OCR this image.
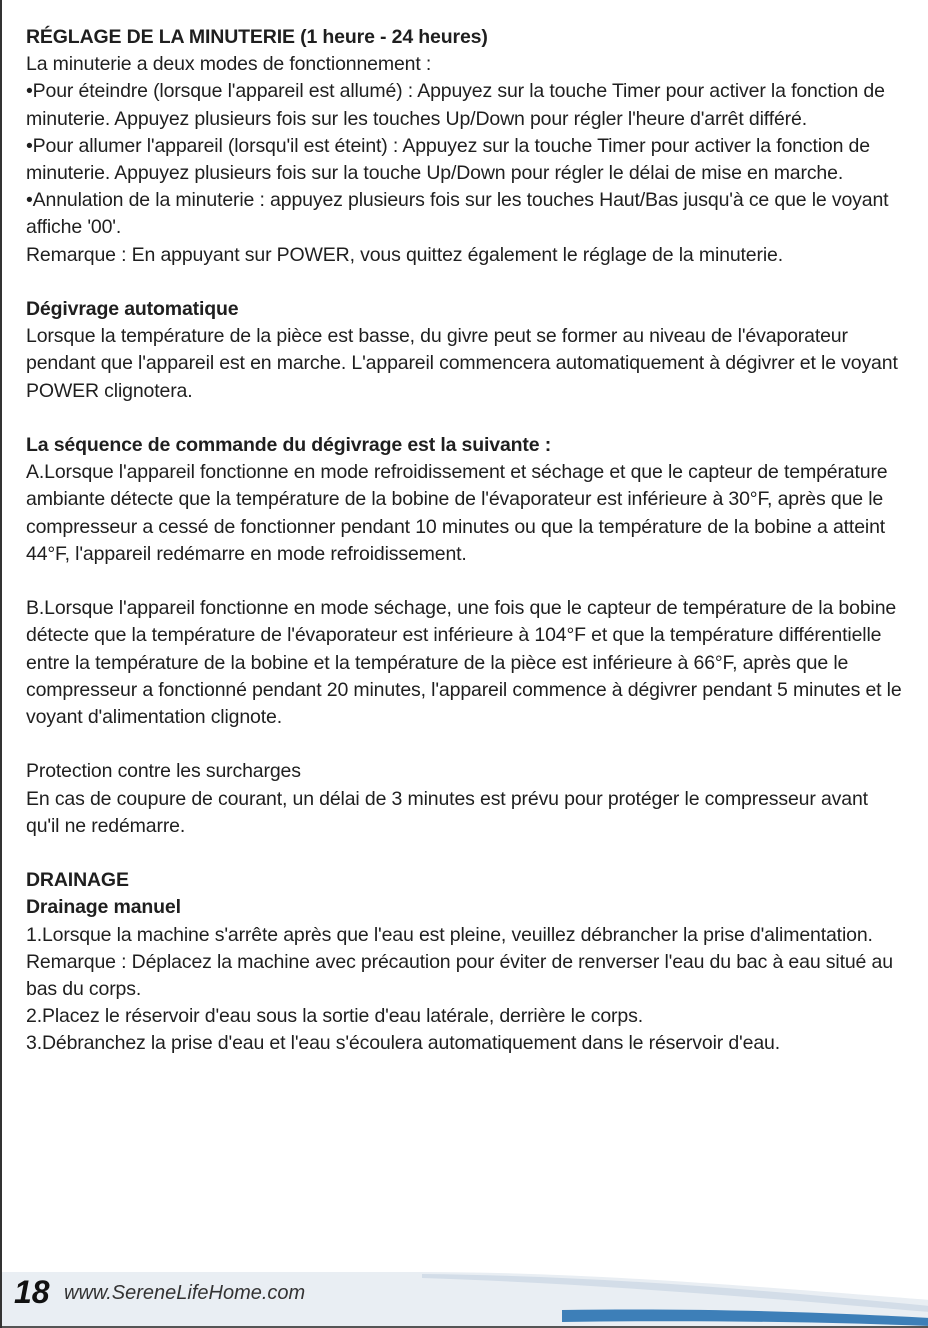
RÉGLAGE DE LA MINUTERIE (1 heure - 24 heures)

La minuterie a deux modes de fonctionnement :

•Pour éteindre (lorsque l'appareil est allumé) : Appuyez sur la touche Timer pour activer la fonction de minuterie. Appuyez plusieurs fois sur les touches Up/Down pour régler l'heure d'arrêt différé.

•Pour allumer l'appareil (lorsqu'il est éteint) : Appuyez sur la touche Timer pour activer la fonction de minuterie. Appuyez plusieurs fois sur la touche Up/Down pour régler le délai de mise en marche.

•Annulation de la minuterie : appuyez plusieurs fois sur les touches Haut/Bas jusqu'à ce que le voyant affiche '00'.

Remarque : En appuyant sur POWER, vous quittez également le réglage de la minuterie.

Dégivrage automatique

Lorsque la température de la pièce est basse, du givre peut se former au niveau de l'évaporateur pendant que l'appareil est en marche. L'appareil commencera automatiquement à dégivrer et le voyant POWER clignotera.

La séquence de commande du dégivrage est la suivante :

A.Lorsque l'appareil fonctionne en mode refroidissement et séchage et que le capteur de température ambiante détecte que la température de la bobine de l'évaporateur est inférieure à 30°F, après que le compresseur a cessé de fonctionner pendant 10 minutes ou que la température de la bobine a atteint 44°F, l'appareil redémarre en mode refroidissement.

B.Lorsque l'appareil fonctionne en mode séchage, une fois que le capteur de température de la bobine détecte que la température de l'évaporateur est inférieure à 104°F et que la température différentielle entre la température de la bobine et la température de la pièce est inférieure à 66°F, après que le compresseur a fonctionné pendant 20 minutes, l'appareil commence à dégivrer pendant 5 minutes et le voyant d'alimentation clignote.

Protection contre les surcharges

En cas de coupure de courant, un délai de 3 minutes est prévu pour protéger le compresseur avant qu'il ne redémarre.

DRAINAGE

Drainage manuel

1.Lorsque la machine s'arrête après que l'eau est pleine, veuillez débrancher la prise d'alimentation.

Remarque : Déplacez la machine avec précaution pour éviter de renverser l'eau du bac à eau situé au bas du corps.

2.Placez le réservoir d'eau sous la sortie d'eau latérale, derrière le corps.

3.Débranchez la prise d'eau et l'eau s'écoulera automatiquement dans le réservoir d'eau.

18 www.SereneLifeHome.com
